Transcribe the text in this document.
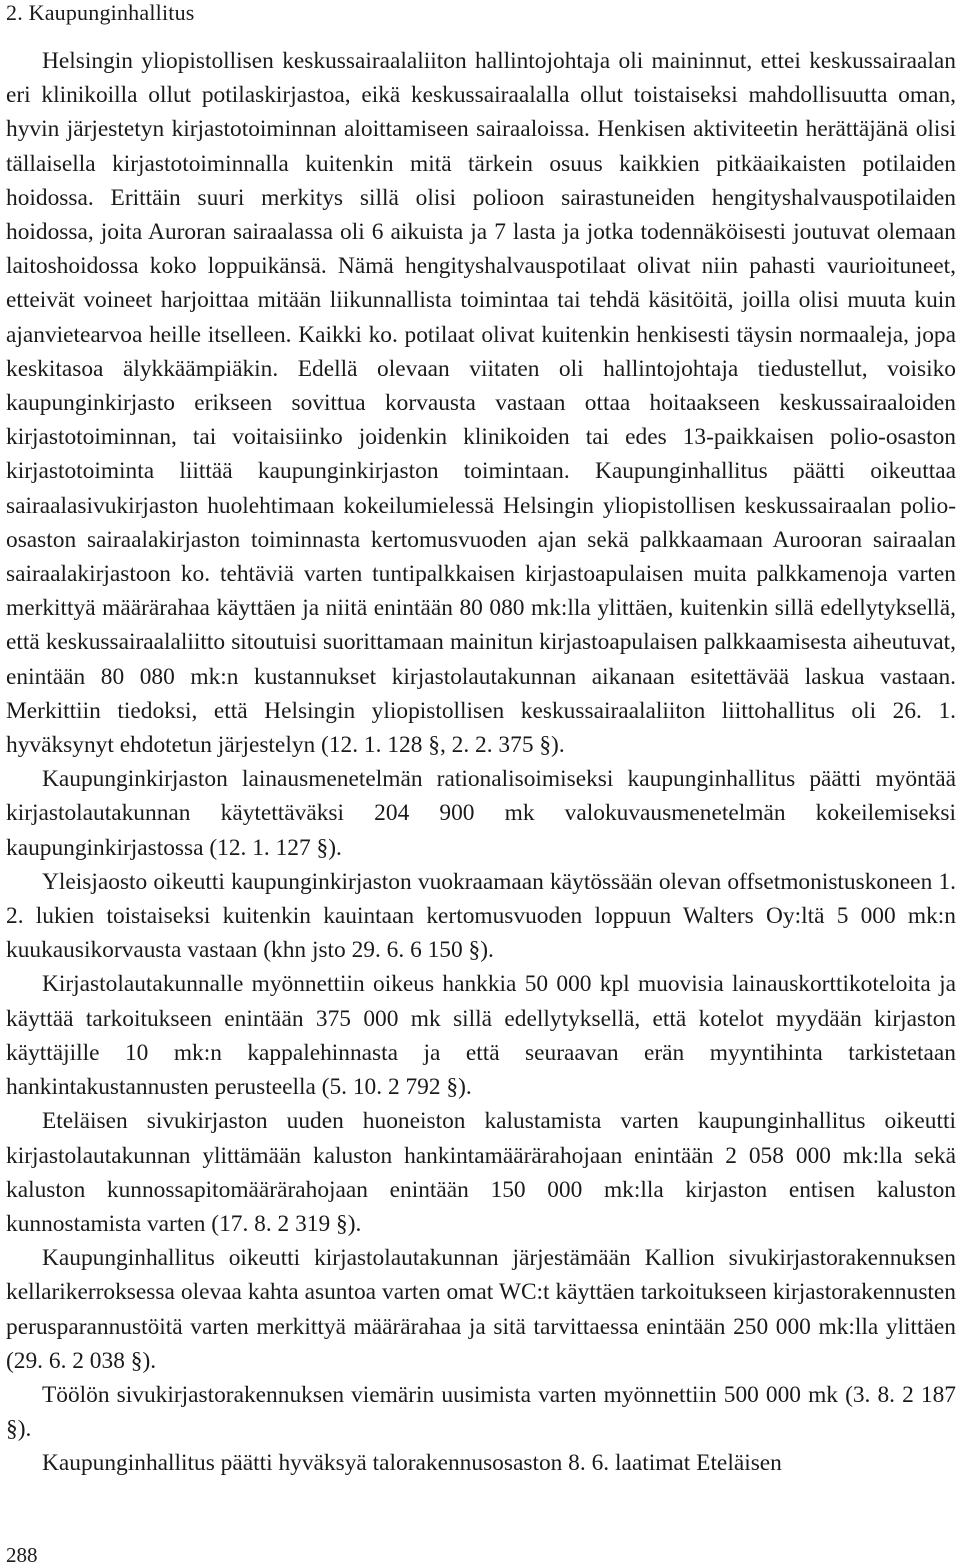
2. Kaupunginhallitus

Helsingin yliopistollisen keskussairaalaliiton hallintojohtaja oli maininnut, ettei keskussairaalan eri klinikoilla ollut potilaskirjastoa, eikä keskussairaalalla ollut toistaiseksi mahdollisuutta oman, hyvin järjestetyn kirjastotoiminnan aloittamiseen sairaaloissa. Henkisen aktiviteetin herättäjänä olisi tällaisella kirjastotoiminnalla kuitenkin mitä tärkein osuus kaikkien pitkäaikaisten potilaiden hoidossa. Erittäin suuri merkitys sillä olisi polioon sairastuneiden hengityshalvauspotilaiden hoidossa, joita Auroran sairaalassa oli 6 aikuista ja 7 lasta ja jotka todennäköisesti joutuvat olemaan laitoshoidossa koko loppuikänsä. Nämä hengityshalvauspotilaat olivat niin pahasti vaurioituneet, etteivät voineet harjoittaa mitään liikunnallista toimintaa tai tehdä käsitöitä, joilla olisi muuta kuin ajanvietearvoa heille itselleen. Kaikki ko. potilaat olivat kuitenkin henkisesti täysin normaaleja, jopa keskitasoa älykkäämpiäkin. Edellä olevaan viitaten oli hallintojohtaja tiedustellut, voisiko kaupunginkirjasto erikseen sovittua korvausta vastaan ottaa hoitaakseen keskussairaaloiden kirjastotoiminnan, tai voitaisiinko joidenkin klinikoiden tai edes 13-paikkaisen polio-osaston kirjastotoiminta liittää kaupunginkirjaston toimintaan. Kaupunginhallitus päätti oikeuttaa sairaalasivukirjaston huolehtimaan kokeilumielessä Helsingin yliopistollisen keskussairaalan polio-osaston sairaalakirjaston toiminnasta kertomusvuoden ajan sekä palkkaamaan Aurooran sairaalan sairaalakirjastoon ko. tehtäviä varten tuntipalkkaisen kirjastoapulaisen muita palkkamenoja varten merkittyä määrärahaa käyttäen ja niitä enintään 80 080 mk:lla ylittäen, kuitenkin sillä edellytyksellä, että keskussairaalaliitto sitoutuisi suorittamaan mainitun kirjastoapulaisen palkkaamisesta aiheutuvat, enintään 80 080 mk:n kustannukset kirjastolautakunnan aikanaan esitettävää laskua vastaan. Merkittiin tiedoksi, että Helsingin yliopistollisen keskussairaalaliiton liittohallitus oli 26. 1. hyväksynyt ehdotetun järjestelyn (12. 1. 128 §, 2. 2. 375 §).

Kaupunginkirjaston lainausmenetelmän rationalisoimiseksi kaupunginhallitus päätti myöntää kirjastolautakunnan käytettäväksi 204 900 mk valokuvausmenetelmän kokeilemiseksi kaupunginkirjastossa (12. 1. 127 §).

Yleisjaosto oikeutti kaupunginkirjaston vuokraamaan käytössään olevan offsetmonistuskoneen 1. 2. lukien toistaiseksi kuitenkin kauintaan kertomusvuoden loppuun Walters Oy:ltä 5 000 mk:n kuukausikorvausta vastaan (khn jsto 29. 6. 6 150 §).

Kirjastolautakunnalle myönnettiin oikeus hankkia 50 000 kpl muovisia lainauskorttikoteloita ja käyttää tarkoitukseen enintään 375 000 mk sillä edellytyksellä, että kotelot myydään kirjaston käyttäjille 10 mk:n kappalehinnasta ja että seuraavan erän myyntihinta tarkistetaan hankintakustannusten perusteella (5. 10. 2 792 §).

Eteläisen sivukirjaston uuden huoneiston kalustamista varten kaupunginhallitus oikeutti kirjastolautakunnan ylittämään kaluston hankintamäärärahojaan enintään 2 058 000 mk:lla sekä kaluston kunnossapitomäärärahojaan enintään 150 000 mk:lla kirjaston entisen kaluston kunnostamista varten (17. 8. 2 319 §).

Kaupunginhallitus oikeutti kirjastolautakunnan järjestämään Kallion sivukirjastorakennuksen kellarikerroksessa olevaa kahta asuntoa varten omat WC:t käyttäen tarkoitukseen kirjastorakennusten perusparannustöitä varten merkittyä määrärahaa ja sitä tarvittaessa enintään 250 000 mk:lla ylittäen (29. 6. 2 038 §).

Töölön sivukirjastorakennuksen viemärin uusimista varten myönnettiin 500 000 mk (3. 8. 2 187 §).

Kaupunginhallitus päätti hyväksyä talorakennusosaston 8. 6. laatimat Eteläisen

288
